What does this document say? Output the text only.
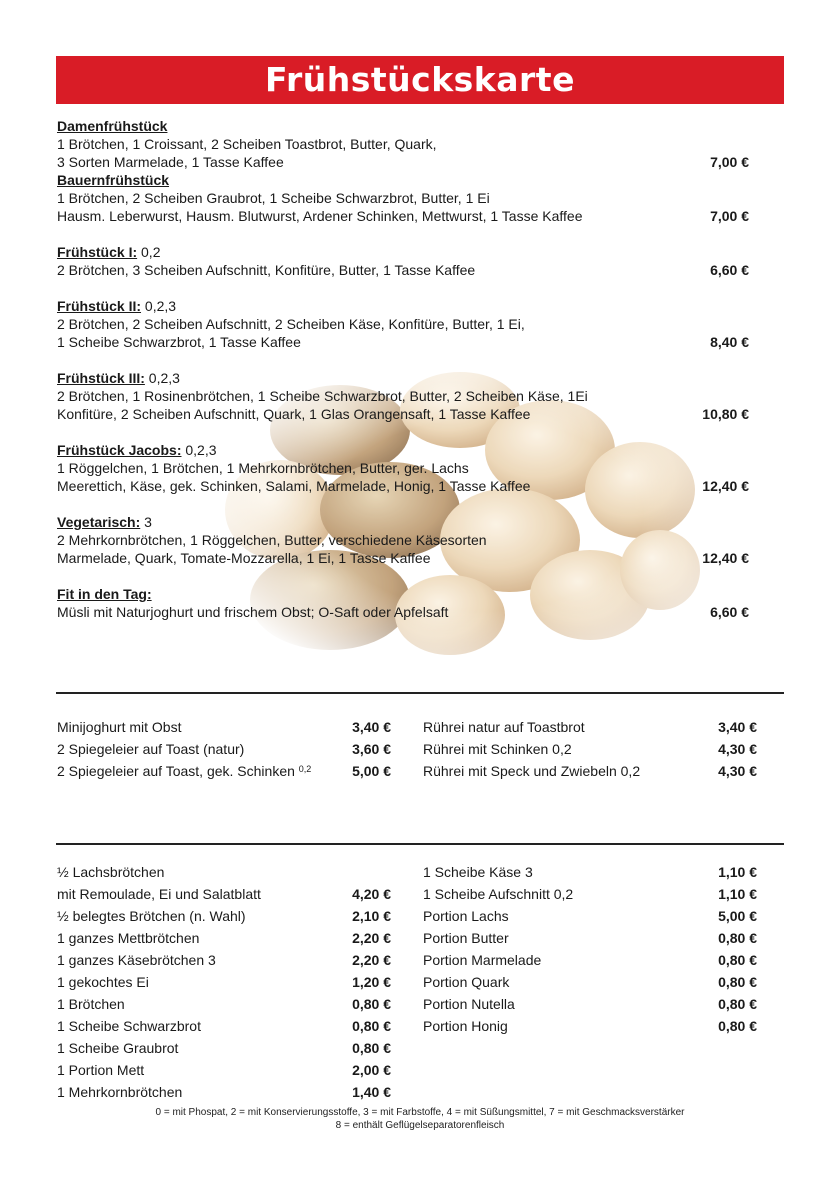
Frühstückskarte
Damenfrühstück
1 Brötchen, 1 Croissant, 2 Scheiben Toastbrot, Butter, Quark,
3 Sorten Marmelade, 1 Tasse Kaffee	7,00 €
Bauernfrühstück
1 Brötchen, 2 Scheiben Graubrot, 1 Scheibe Schwarzbrot, Butter, 1 Ei
Hausm. Leberwurst, Hausm. Blutwurst, Ardener Schinken, Mettwurst, 1 Tasse Kaffee	7,00 €
Frühstück I: 0,2
2 Brötchen, 3 Scheiben Aufschnitt, Konfitüre, Butter, 1 Tasse Kaffee	6,60 €
Frühstück II: 0,2,3
2 Brötchen, 2 Scheiben Aufschnitt, 2 Scheiben Käse, Konfitüre, Butter, 1 Ei,
1 Scheibe Schwarzbrot, 1 Tasse Kaffee	8,40 €
Frühstück III: 0,2,3
2 Brötchen, 1 Rosinenbrötchen, 1 Scheibe Schwarzbrot, Butter, 2 Scheiben Käse, 1Ei
Konfitüre, 2 Scheiben Aufschnitt, Quark, 1 Glas Orangensaft, 1 Tasse Kaffee	10,80 €
Frühstück Jacobs: 0,2,3
1 Röggelchen, 1 Brötchen, 1 Mehrkornbrötchen, Butter, ger. Lachs
Meerettich, Käse, gek. Schinken, Salami, Marmelade, Honig, 1 Tasse Kaffee	12,40 €
Vegetarisch: 3
2 Mehrkornbrötchen, 1 Röggelchen, Butter, verschiedene Käsesorten
Marmelade, Quark, Tomate-Mozzarella, 1 Ei, 1 Tasse Kaffee	12,40 €
Fit in den Tag:
Müsli mit Naturjoghurt und frischem Obst; O-Saft oder Apfelsaft	6,60 €
Minijoghurt mit Obst	3,40 €
2 Spiegeleier auf Toast (natur)	3,60 €
2 Spiegeleier auf Toast, gek. Schinken $^{0,2}$	5,00 €
Rührei natur auf Toastbrot	3,40 €
Rührei mit Schinken 0,2	4,30 €
Rührei mit Speck und Zwiebeln 0,2	4,30 €
½ Lachsbrötchen
mit Remoulade, Ei und Salatblatt	4,20 €
½ belegtes Brötchen (n. Wahl)	2,10 €
1 ganzes Mettbrötchen	2,20 €
1 ganzes Käsebrötchen 3	2,20 €
1 gekochtes Ei	1,20 €
1 Brötchen	0,80 €
1 Scheibe Schwarzbrot	0,80 €
1 Scheibe Graubrot	0,80 €
1 Portion Mett	2,00 €
1 Mehrkornbrötchen	1,40 €
1 Scheibe Käse 3	1,10 €
1 Scheibe Aufschnitt 0,2	1,10 €
Portion Lachs	5,00 €
Portion Butter	0,80 €
Portion Marmelade	0,80 €
Portion Quark	0,80 €
Portion Nutella	0,80 €
Portion Honig	0,80 €
0 = mit Phospat, 2 = mit Konservierungsstoffe, 3 = mit Farbstoffe, 4 = mit Süßungsmittel, 7 = mit Geschmacksverstärker
8 = enthält Geflügelseparatorenfleisch
